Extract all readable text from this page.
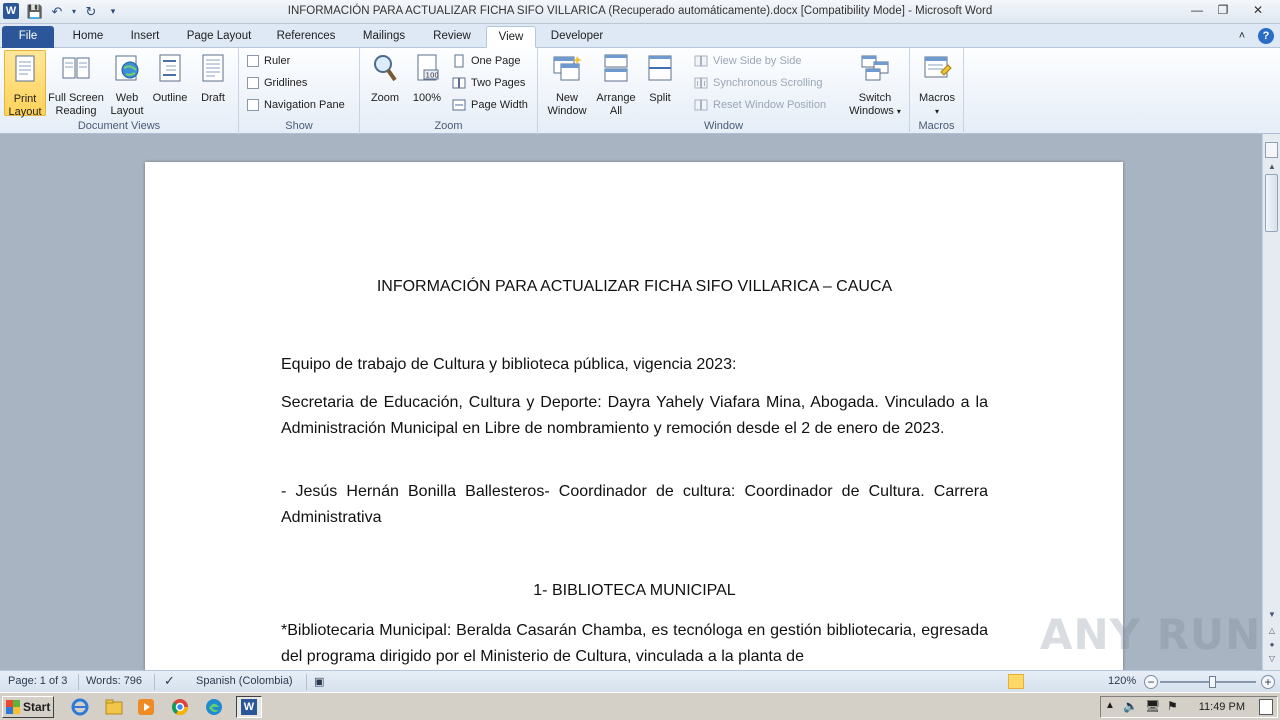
W 💾 ↶	▾ ↻	▾	INFORMACIÓN PARA ACTUALIZAR FICHA SIFO VILLARICA (Recuperado automáticamente).docx [Compatibility Mode] - Microsoft Word	—	❐	✕
File	Home	Insert	Page Layout	References	Mailings	Review	View	Developer	˄	?
Print
Layout
Full Screen
Reading
Web
Layout
Outline	Draft
Document Views
Ruler
Gridlines
Navigation Pane
Show
Zoom
100
100%
One Page
Two Pages
Page Width
Zoom
New
Window
Arrange
All
Split
View Side by Side
Synchronous Scrolling
Reset Window Position
Switch
Windows ▾
Window
Macros
▾
Macros
INFORMACIÓN PARA ACTUALIZAR FICHA SIFO VILLARICA – CAUCA
Equipo de trabajo de Cultura y biblioteca pública, vigencia 2023:
Secretaria de Educación, Cultura y Deporte: Dayra Yahely Viafara Mina, Abogada. Vinculado a la Administración Municipal en Libre de nombramiento y remoción desde el 2 de enero de 2023.
- Jesús Hernán Bonilla Ballesteros- Coordinador de cultura: Coordinador de Cultura. Carrera Administrativa
1- BIBLIOTECA MUNICIPAL
*Bibliotecaria Municipal: Beralda Casarán Chamba, es tecnóloga en gestión bibliotecaria, egresada del programa dirigido por el Ministerio de Cultura, vinculada a la planta de	ANY RUN
▲
▼
△
●
▽
Page: 1 of 3 Words: 796 ✓ Spanish (Colombia) ▣	120% −	+
Start	W	▲ 🔈 🖥 ⚑ 11:49 PM
